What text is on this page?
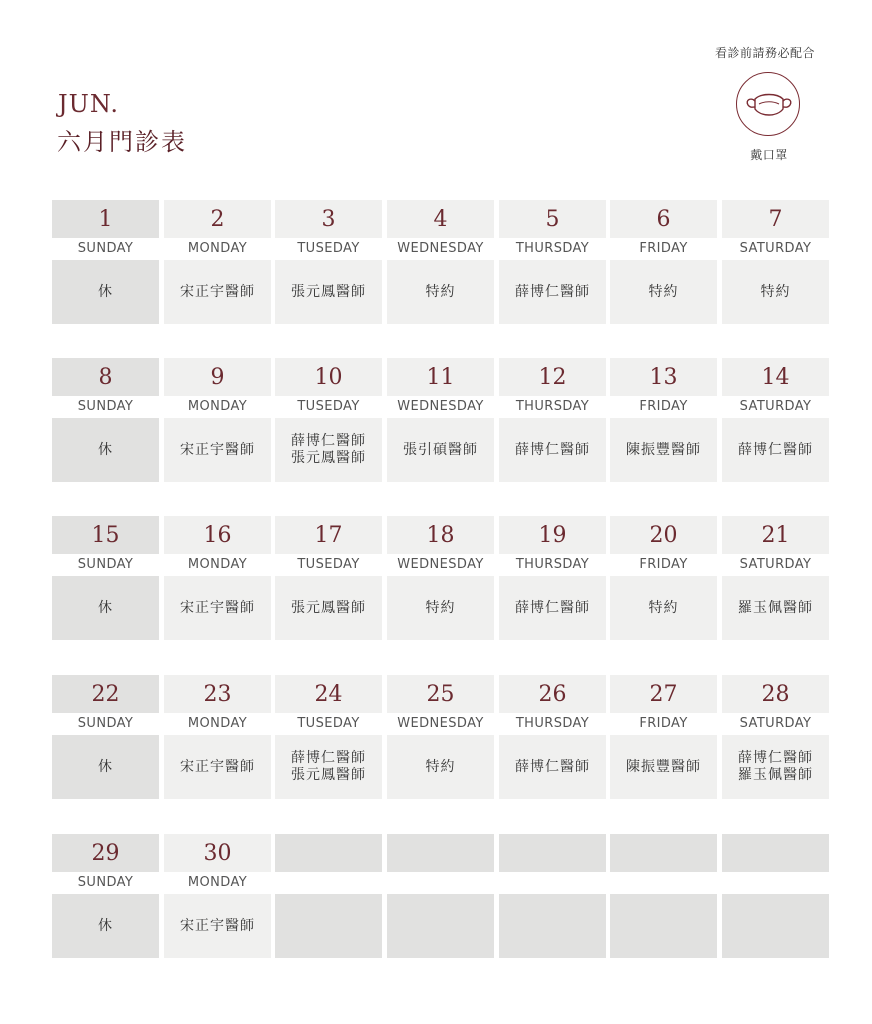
JUN.
六月門診表
看診前請務必配合
戴口罩
1
SUNDAY
休
2
MONDAY
宋正宇醫師
3
TUSEDAY
張元鳳醫師
4
WEDNESDAY
特約
5
THURSDAY
薛博仁醫師
6
FRIDAY
特約
7
SATURDAY
特約
8
SUNDAY
休
9
MONDAY
宋正宇醫師
10
TUSEDAY
薛博仁醫師
張元鳳醫師
11
WEDNESDAY
張引碩醫師
12
THURSDAY
薛博仁醫師
13
FRIDAY
陳振豐醫師
14
SATURDAY
薛博仁醫師
15
SUNDAY
休
16
MONDAY
宋正宇醫師
17
TUSEDAY
張元鳳醫師
18
WEDNESDAY
特約
19
THURSDAY
薛博仁醫師
20
FRIDAY
特約
21
SATURDAY
羅玉佩醫師
22
SUNDAY
休
23
MONDAY
宋正宇醫師
24
TUSEDAY
薛博仁醫師
張元鳳醫師
25
WEDNESDAY
特約
26
THURSDAY
薛博仁醫師
27
FRIDAY
陳振豐醫師
28
SATURDAY
薛博仁醫師
羅玉佩醫師
29
SUNDAY
休
30
MONDAY
宋正宇醫師
